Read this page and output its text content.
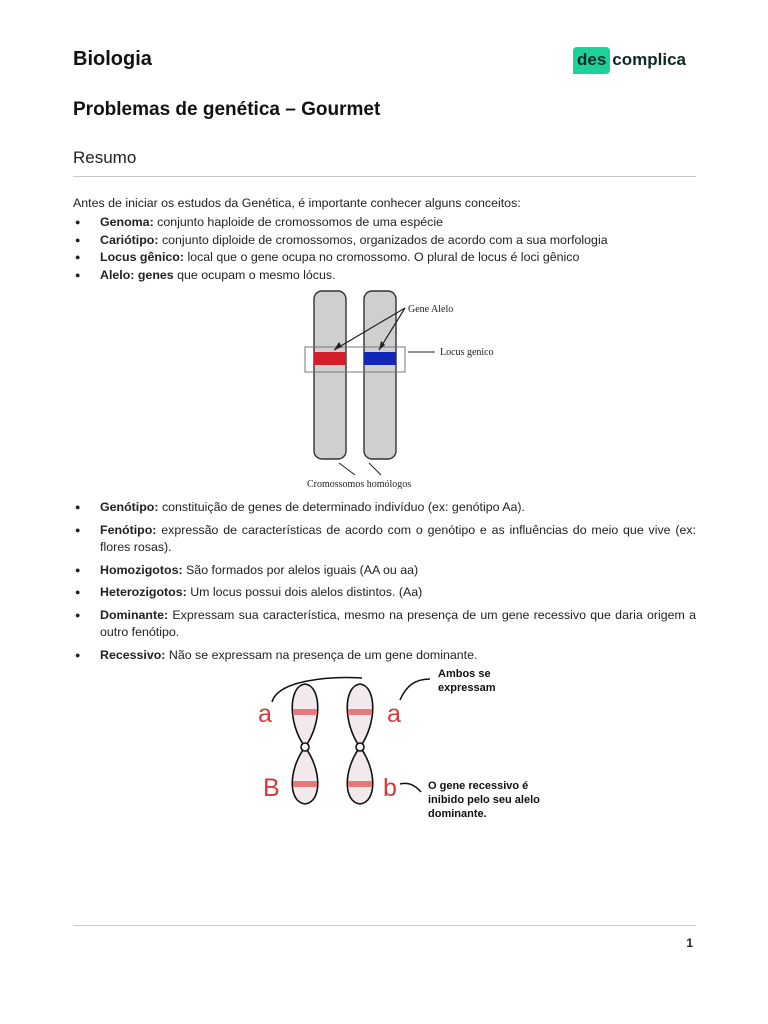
Biologia	des complica
Problemas de genética – Gourmet
Resumo
Antes de iniciar os estudos da Genética, é importante conhecer alguns conceitos:
● Genoma: conjunto haploide de cromossomos de uma espécie
● Cariótipo: conjunto diploide de cromossomos, organizados de acordo com a sua morfologia
● Locus gênico: local que o gene ocupa no cromossomo. O plural de locus é loci gênico
● Alelo: genes que ocupam o mesmo lócus.
Gene Alelo
Locus genico
Cromossomos homólogos
● Genótipo: constituição de genes de determinado indivíduo (ex: genótipo Aa).
● Fenótipo: expressão de características de acordo com o genótipo e as influências do meio que vive (ex: flores rosas).
● Homozigotos: São formados por alelos iguais (AA ou aa)
● Heterozigotos: Um locus possui dois alelos distintos. (Aa)
● Dominante: Expressam sua característica, mesmo na presença de um gene recessivo que daria origem a outro fenótipo.
● Recessivo: Não se expressam na presença de um gene dominante.
a	a
B	b
Ambos se
expressam
O gene recessivo é
inibido pelo seu alelo
dominante.
1
